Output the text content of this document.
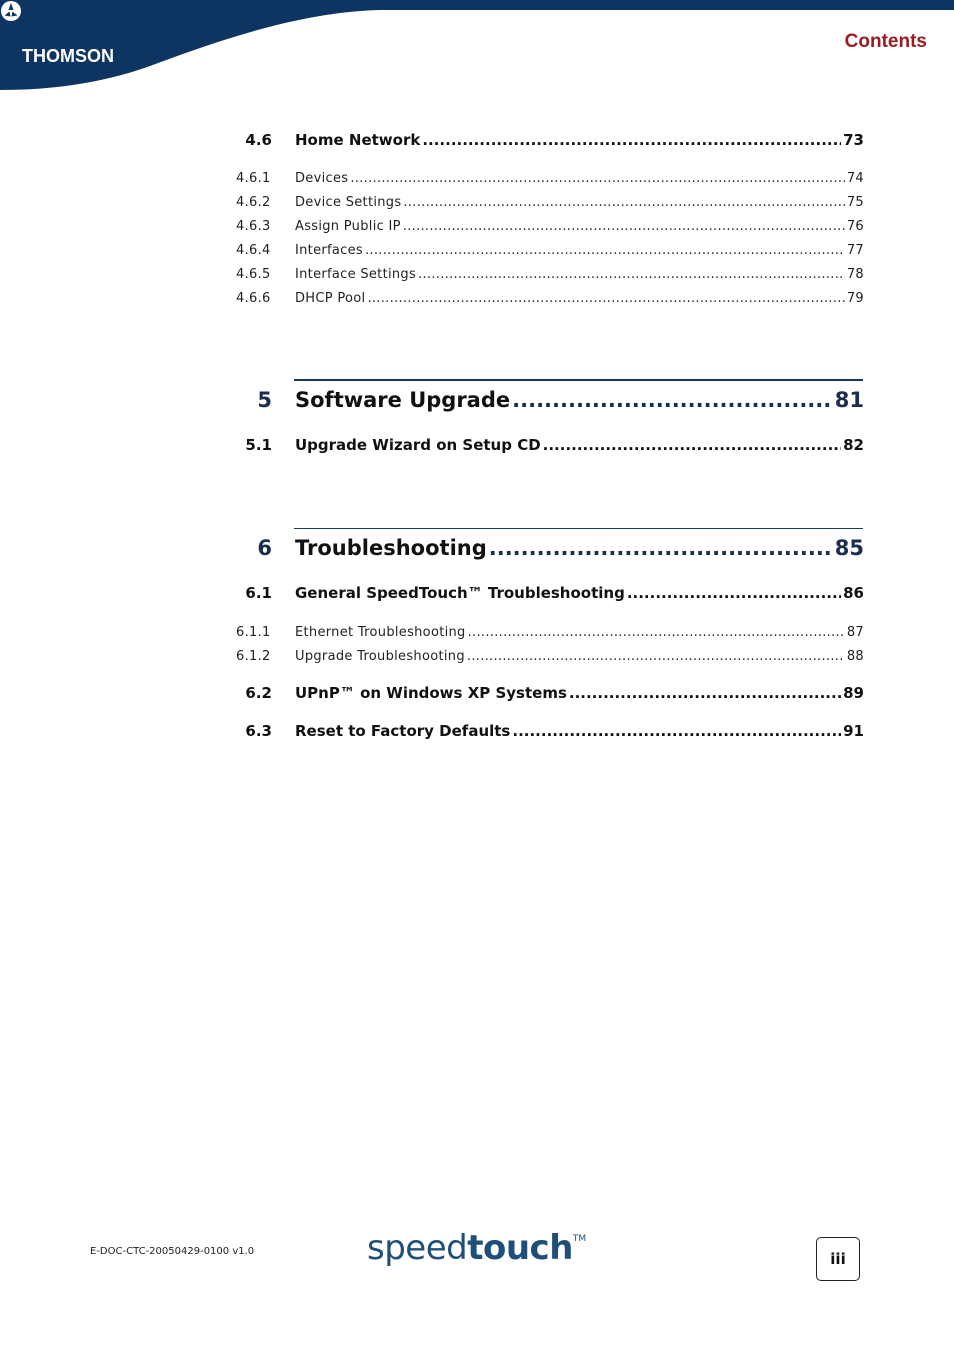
THOMSON
Contents
4.6	Home Network .....	73
4.6.1	Devices .....	74
4.6.2	Device Settings .....	75
4.6.3	Assign Public IP .....	76
4.6.4	Interfaces .....	77
4.6.5	Interface Settings .....	78
4.6.6	DHCP Pool .....	79
5	Software Upgrade .....	81
5.1	Upgrade Wizard on Setup CD .....	82
6	Troubleshooting .....	85
6.1	General SpeedTouch™ Troubleshooting .....	86
6.1.1	Ethernet Troubleshooting .....	87
6.1.2	Upgrade Troubleshooting .....	88
6.2	UPnP™ on Windows XP Systems .....	89
6.3	Reset to Factory Defaults .....	91
E-DOC-CTC-20050429-0100 v1.0	speedtouch™
iii
